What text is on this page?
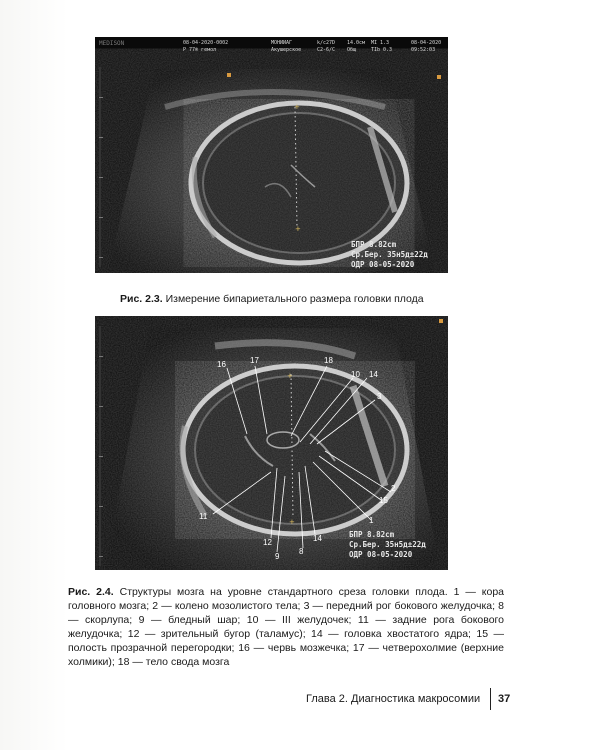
+
+
MEDISON	08-04-2020-0002
P 77® гемол
МОНИИАГ
Акушерское
k/c27D
C2-6/C
14.0cм
Общ
MI 1.3
TIb 0.3
08-04-2020
09:52:03
БПР 8.82cm
Ср.Бер. 35н5д±22д
ОДР 08-05-2020
Рис. 2.3. Измерение бипариетального размера головки плода
+
+
16	17	18
10 14
3
2
15
1
11
12
9
8
14	БПР 8.82cm
Ср.Бер. 35н5д±22д
ОДР 08-05-2020
Рис. 2.4. Структуры мозга на уровне стандартного среза головки плода. 1 — кора головного мозга; 2 — колено мозолистого тела; 3 — передний рог бокового желудочка; 8 — скорлупа; 9 — бледный шар; 10 — III желудочек; 11 — задние рога бокового желудочка; 12 — зрительный бугор (таламус); 14 — головка хвостатого ядра; 15 — полость прозрачной перегородки; 16 — червь мозжечка; 17 — четверохолмие (верхние холмики); 18 — тело свода мозга
Глава 2. Диагностика макросомии 37
